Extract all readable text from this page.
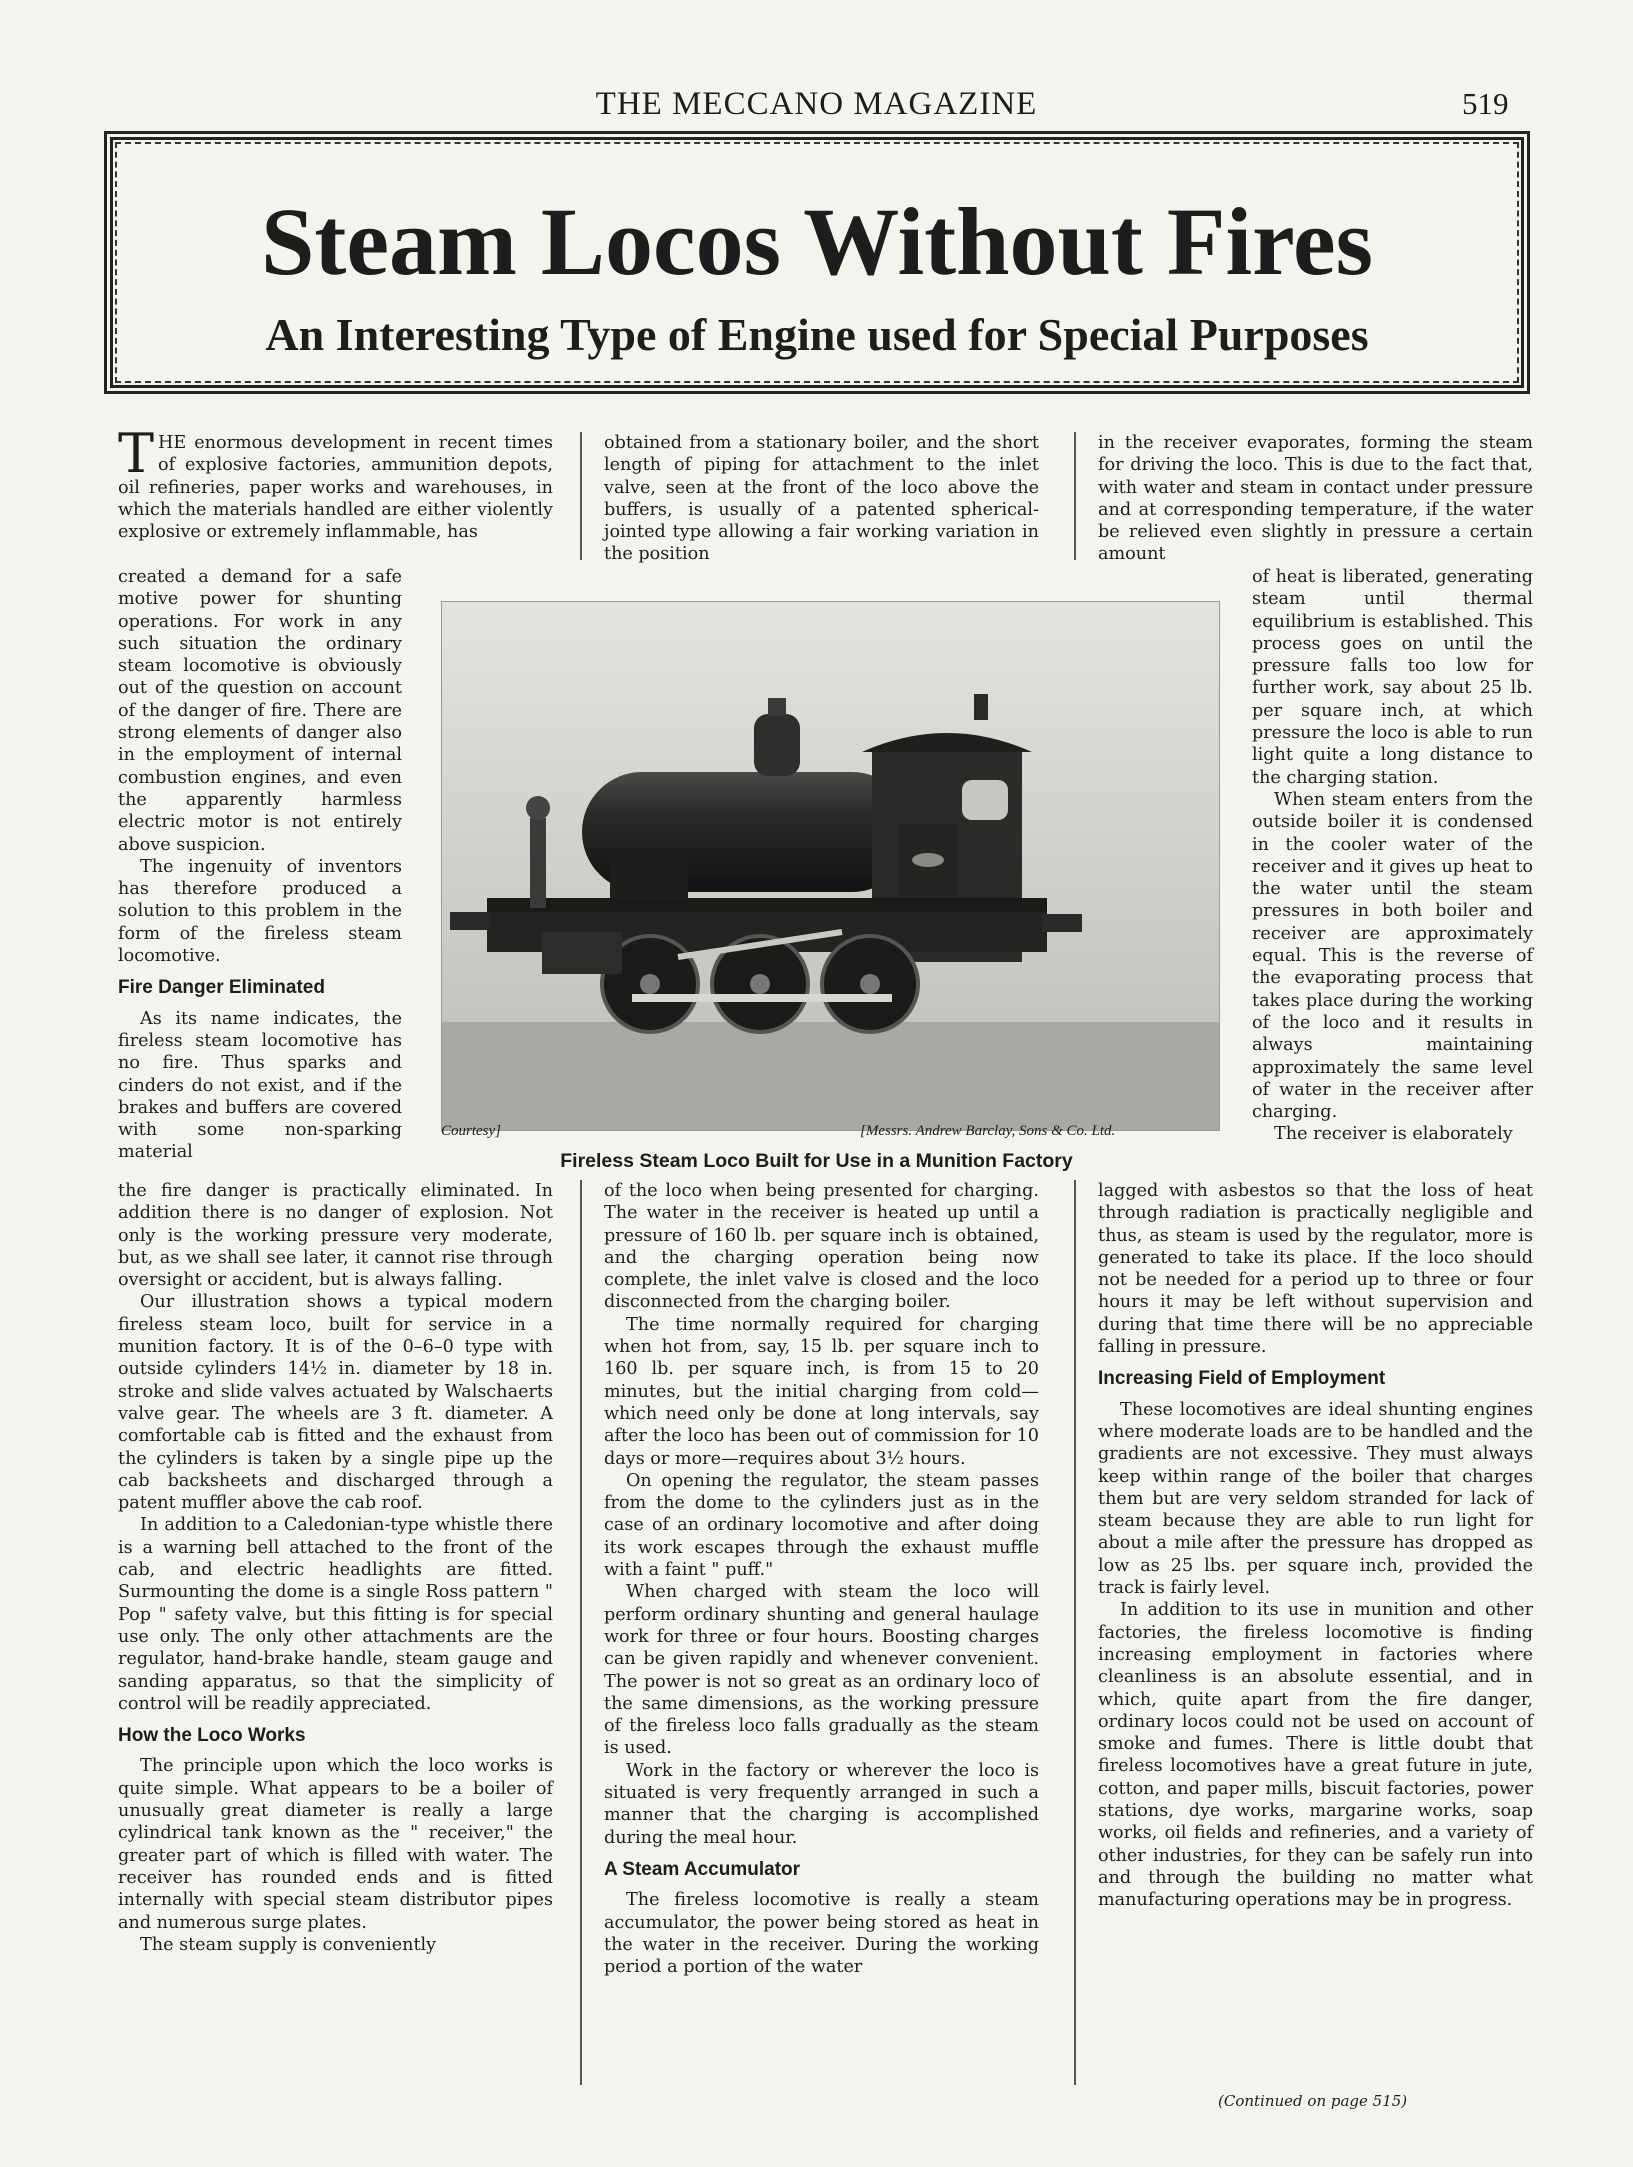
THE MECCANO MAGAZINE	519
Steam Locos Without Fires
An Interesting Type of Engine used for Special Purposes

THE enormous development in recent times of explosive factories, ammunition depots, oil refineries, paper works and warehouses, in which the materials handled are either violently explosive or extremely inflammable, has

created a demand for a safe motive power for shunting operations. For work in any such situation the ordinary steam locomotive is obviously out of the question on account of the danger of fire. There are strong elements of danger also in the employment of internal combustion engines, and even the apparently harmless electric motor is not entirely above suspicion.

The ingenuity of inventors has therefore produced a solution to this problem in the form of the fireless steam locomotive.

Fire Danger Eliminated

As its name indicates, the fireless steam locomotive has no fire. Thus sparks and cinders do not exist, and if the brakes and buffers are covered with some non-sparking material

the fire danger is practically eliminated. In addition there is no danger of explosion. Not only is the working pressure very moderate, but, as we shall see later, it cannot rise through oversight or accident, but is always falling.

Our illustration shows a typical modern fireless steam loco, built for service in a munition factory. It is of the 0–6–0 type with outside cylinders 14½ in. diameter by 18 in. stroke and slide valves actuated by Walschaerts valve gear. The wheels are 3 ft. diameter. A comfortable cab is fitted and the exhaust from the cylinders is taken by a single pipe up the cab backsheets and discharged through a patent muffler above the cab roof.

In addition to a Caledonian-type whistle there is a warning bell attached to the front of the cab, and electric headlights are fitted. Surmounting the dome is a single Ross pattern " Pop " safety valve, but this fitting is for special use only. The only other attachments are the regulator, hand-brake handle, steam gauge and sanding apparatus, so that the simplicity of control will be readily appreciated.

How the Loco Works

The principle upon which the loco works is quite simple. What appears to be a boiler of unusually great diameter is really a large cylindrical tank known as the " receiver," the greater part of which is filled with water. The receiver has rounded ends and is fitted internally with special steam distributor pipes and numerous surge plates.

The steam supply is conveniently

obtained from a stationary boiler, and the short length of piping for attachment to the inlet valve, seen at the front of the loco above the buffers, is usually of a patented spherical-jointed type allowing a fair working variation in the position

of the loco when being presented for charging. The water in the receiver is heated up until a pressure of 160 lb. per square inch is obtained, and the charging operation being now complete, the inlet valve is closed and the loco disconnected from the charging boiler.

The time normally required for charging when hot from, say, 15 lb. per square inch to 160 lb. per square inch, is from 15 to 20 minutes, but the initial charging from cold—which need only be done at long intervals, say after the loco has been out of commission for 10 days or more—requires about 3½ hours.

On opening the regulator, the steam passes from the dome to the cylinders just as in the case of an ordinary locomotive and after doing its work escapes through the exhaust muffle with a faint " puff."

When charged with steam the loco will perform ordinary shunting and general haulage work for three or four hours. Boosting charges can be given rapidly and whenever convenient. The power is not so great as an ordinary loco of the same dimensions, as the working pressure of the fireless loco falls gradually as the steam is used.

Work in the factory or wherever the loco is situated is very frequently arranged in such a manner that the charging is accomplished during the meal hour.

A Steam Accumulator

The fireless locomotive is really a steam accumulator, the power being stored as heat in the water in the receiver. During the working period a portion of the water

in the receiver evaporates, forming the steam for driving the loco. This is due to the fact that, with water and steam in contact under pressure and at corresponding temperature, if the water be relieved even slightly in pressure a certain amount

of heat is liberated, generating steam until thermal equilibrium is established. This process goes on until the pressure falls too low for further work, say about 25 lb. per square inch, at which pressure the loco is able to run light quite a long distance to the charging station.

When steam enters from the outside boiler it is condensed in the cooler water of the receiver and it gives up heat to the water until the steam pressures in both boiler and receiver are approximately equal. This is the reverse of the evaporating process that takes place during the working of the loco and it results in always maintaining approximately the same level of water in the receiver after charging.

The receiver is elaborately

lagged with asbestos so that the loss of heat through radiation is practically negligible and thus, as steam is used by the regulator, more is generated to take its place. If the loco should not be needed for a period up to three or four hours it may be left without supervision and during that time there will be no appreciable falling in pressure.

Increasing Field of Employment

These locomotives are ideal shunting engines where moderate loads are to be handled and the gradients are not excessive. They must always keep within range of the boiler that charges them but are very seldom stranded for lack of steam because they are able to run light for about a mile after the pressure has dropped as low as 25 lbs. per square inch, provided the track is fairly level.

In addition to its use in munition and other factories, the fireless locomotive is finding increasing employment in factories where cleanliness is an absolute essential, and in which, quite apart from the fire danger, ordinary locos could not be used on account of smoke and fumes. There is little doubt that fireless locomotives have a great future in jute, cotton, and paper mills, biscuit factories, power stations, dye works, margarine works, soap works, oil fields and refineries, and a variety of other industries, for they can be safely run into and through the building no matter what manufacturing operations may be in progress.

Courtesy]	[Messrs. Andrew Barclay, Sons & Co. Ltd.
Fireless Steam Loco Built for Use in a Munition Factory
(Continued on page 515)
